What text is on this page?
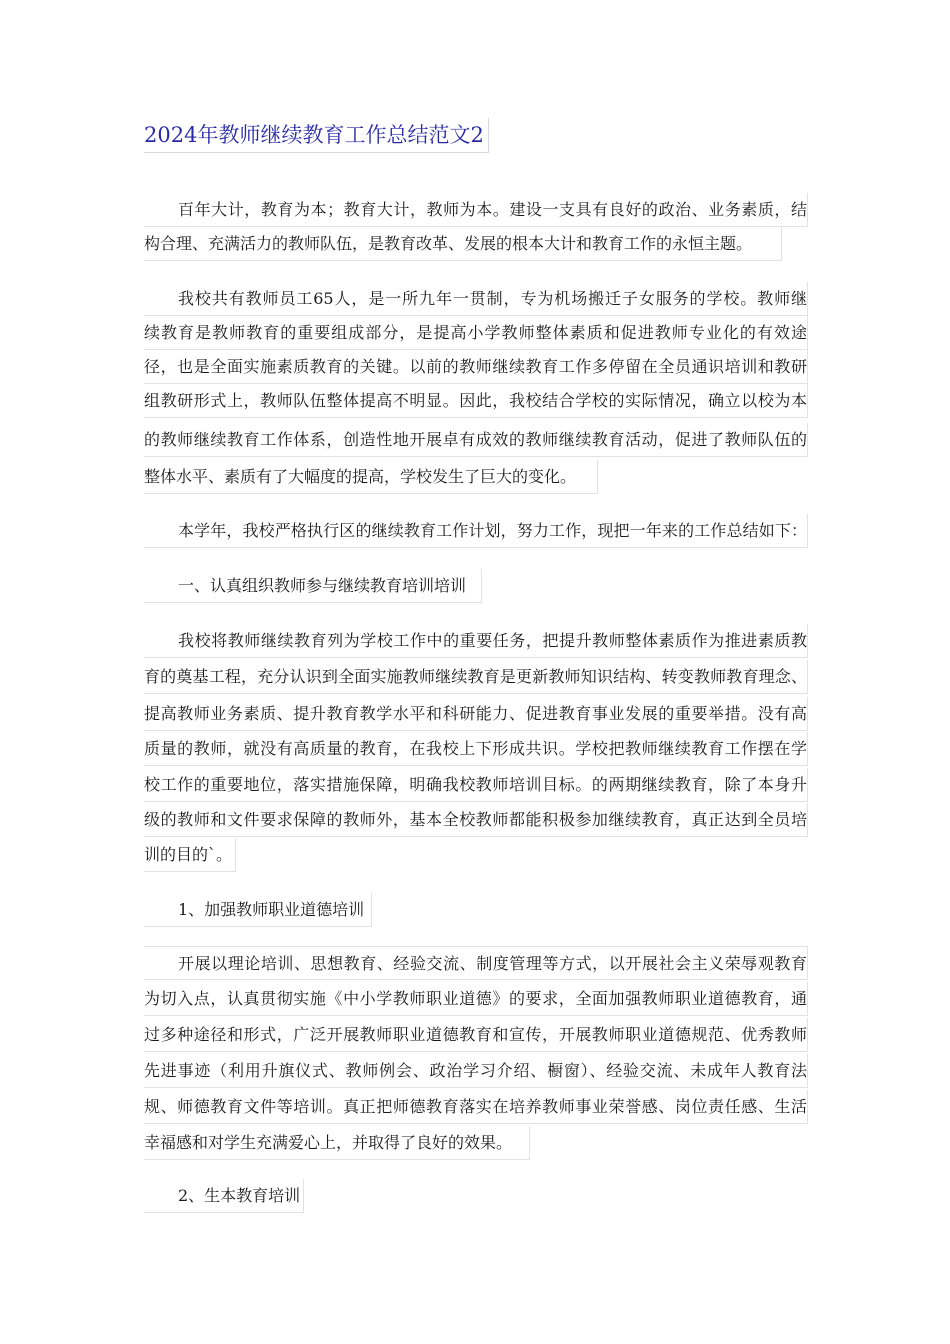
2024年教师继续教育工作总结范文2
百年大计，教育为本；教育大计，教师为本。建设一支具有良好的政治、业务素质，结
构合理、充满活力的教师队伍，是教育改革、发展的根本大计和教育工作的永恒主题。
我校共有教师员工65人，是一所九年一贯制，专为机场搬迁子女服务的学校。教师继
续教育是教师教育的重要组成部分，是提高小学教师整体素质和促进教师专业化的有效途
径，也是全面实施素质教育的关键。以前的教师继续教育工作多停留在全员通识培训和教研
组教研形式上，教师队伍整体提高不明显。因此，我校结合学校的实际情况，确立以校为本
的教师继续教育工作体系，创造性地开展卓有成效的教师继续教育活动，促进了教师队伍的
整体水平、素质有了大幅度的提高，学校发生了巨大的变化。
本学年，我校严格执行区的继续教育工作计划，努力工作，现把一年来的工作总结如下：
一、认真组织教师参与继续教育培训培训
我校将教师继续教育列为学校工作中的重要任务，把提升教师整体素质作为推进素质教
育的奠基工程，充分认识到全面实施教师继续教育是更新教师知识结构、转变教师教育理念、
提高教师业务素质、提升教育教学水平和科研能力、促进教育事业发展的重要举措。没有高
质量的教师，就没有高质量的教育，在我校上下形成共识。学校把教师继续教育工作摆在学
校工作的重要地位，落实措施保障，明确我校教师培训目标。的两期继续教育，除了本身升
级的教师和文件要求保障的教师外，基本全校教师都能积极参加继续教育，真正达到全员培
训的目的`。
1、加强教师职业道德培训
开展以理论培训、思想教育、经验交流、制度管理等方式，以开展社会主义荣辱观教育
为切入点，认真贯彻实施《中小学教师职业道德》的要求，全面加强教师职业道德教育，通
过多种途径和形式，广泛开展教师职业道德教育和宣传，开展教师职业道德规范、优秀教师
先进事迹（利用升旗仪式、教师例会、政治学习介绍、橱窗）、经验交流、未成年人教育法
规、师德教育文件等培训。真正把师德教育落实在培养教师事业荣誉感、岗位责任感、生活
幸福感和对学生充满爱心上，并取得了良好的效果。
2、生本教育培训
